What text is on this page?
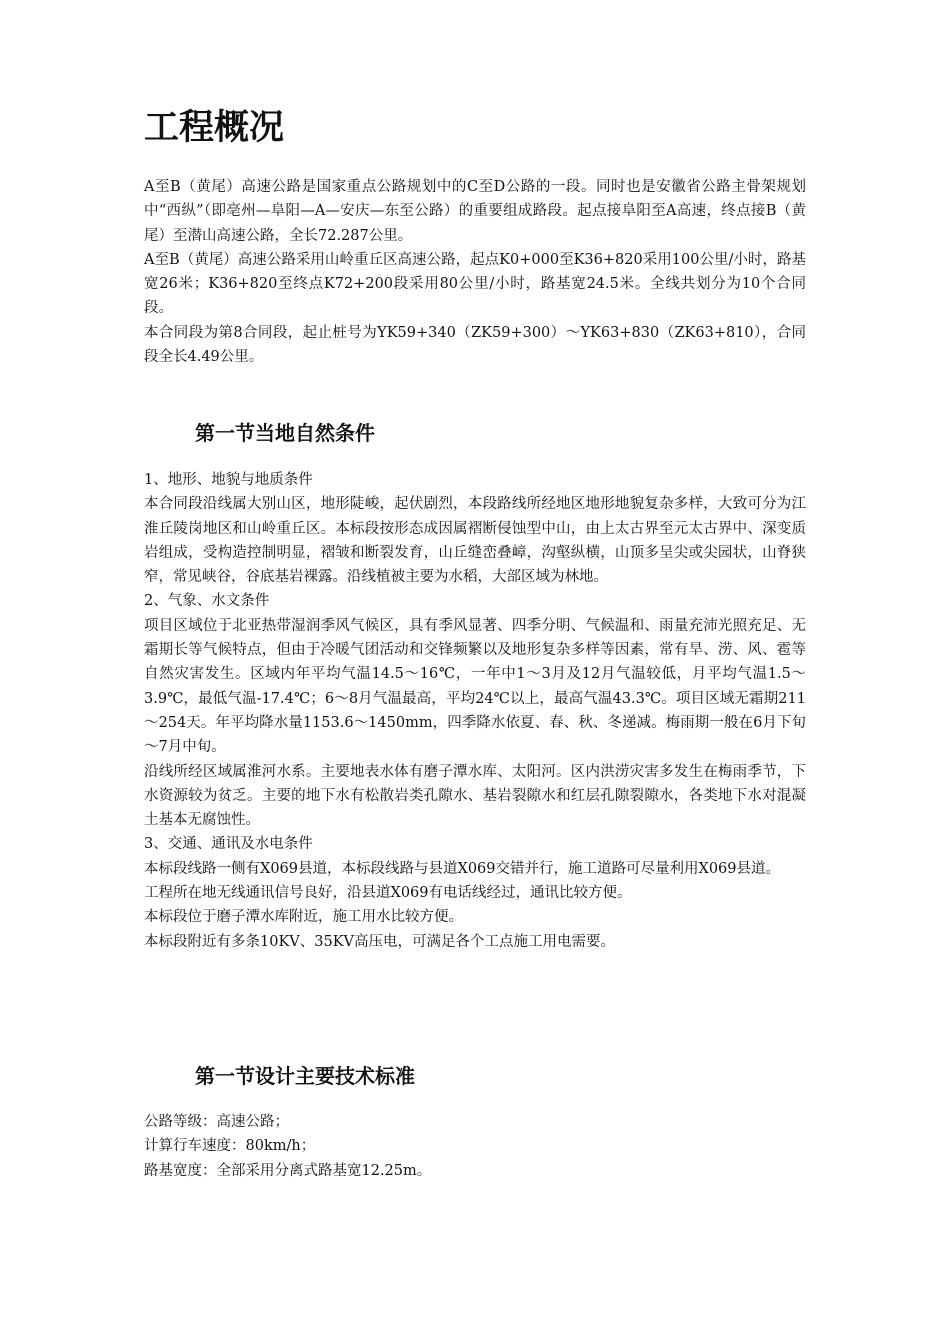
工程概况

A至B（黄尾）高速公路是国家重点公路规划中的C至D公路的一段。同时也是安徽省公路主骨架规划中“西纵”（即亳州—阜阳—A—安庆—东至公路）的重要组成路段。起点接阜阳至A高速，终点接B（黄尾）至潜山高速公路，全长72.287公里。

A至B（黄尾）高速公路采用山岭重丘区高速公路，起点K0+000至K36+820采用100公里/小时，路基宽26米；K36+820至终点K72+200段采用80公里/小时，路基宽24.5米。全线共划分为10个合同段。

本合同段为第8合同段，起止桩号为YK59+340（ZK59+300）～YK63+830（ZK63+810），合同段全长4.49公里。

第一节当地自然条件

1、地形、地貌与地质条件

本合同段沿线属大别山区，地形陡峻，起伏剧烈，本段路线所经地区地形地貌复杂多样，大致可分为江淮丘陵岗地区和山岭重丘区。本标段按形态成因属褶断侵蚀型中山，由上太古界至元太古界中、深变质岩组成，受构造控制明显，褶皱和断裂发育，山丘缝峦叠嶂，沟壑纵横，山顶多呈尖或尖园状，山脊狭窄，常见峡谷，谷底基岩裸露。沿线植被主要为水稻，大部区域为林地。

2、气象、水文条件

项目区域位于北亚热带湿润季风气候区，具有季风显著、四季分明、气候温和、雨量充沛光照充足、无霜期长等气候特点，但由于冷暖气团活动和交锋频繁以及地形复杂多样等因素，常有旱、涝、风、雹等自然灾害发生。区域内年平均气温14.5～16℃，一年中1～3月及12月气温较低，月平均气温1.5～3.9℃，最低气温-17.4℃；6～8月气温最高，平均24℃以上，最高气温43.3℃。项目区域无霜期211～254天。年平均降水量1153.6～1450mm，四季降水依夏、春、秋、冬递减。梅雨期一般在6月下旬～7月中旬。

沿线所经区域属淮河水系。主要地表水体有磨子潭水库、太阳河。区内洪涝灾害多发生在梅雨季节，下水资源较为贫乏。主要的地下水有松散岩类孔隙水、基岩裂隙水和红层孔隙裂隙水，各类地下水对混凝土基本无腐蚀性。

3、交通、通讯及水电条件

本标段线路一侧有X069县道，本标段线路与县道X069交错并行，施工道路可尽量利用X069县道。

工程所在地无线通讯信号良好，沿县道X069有电话线经过，通讯比较方便。

本标段位于磨子潭水库附近，施工用水比较方便。

本标段附近有多条10KV、35KV高压电，可满足各个工点施工用电需要。

第一节设计主要技术标准

公路等级：高速公路；

计算行车速度：80km/h；

路基宽度：全部采用分离式路基宽12.25m。
